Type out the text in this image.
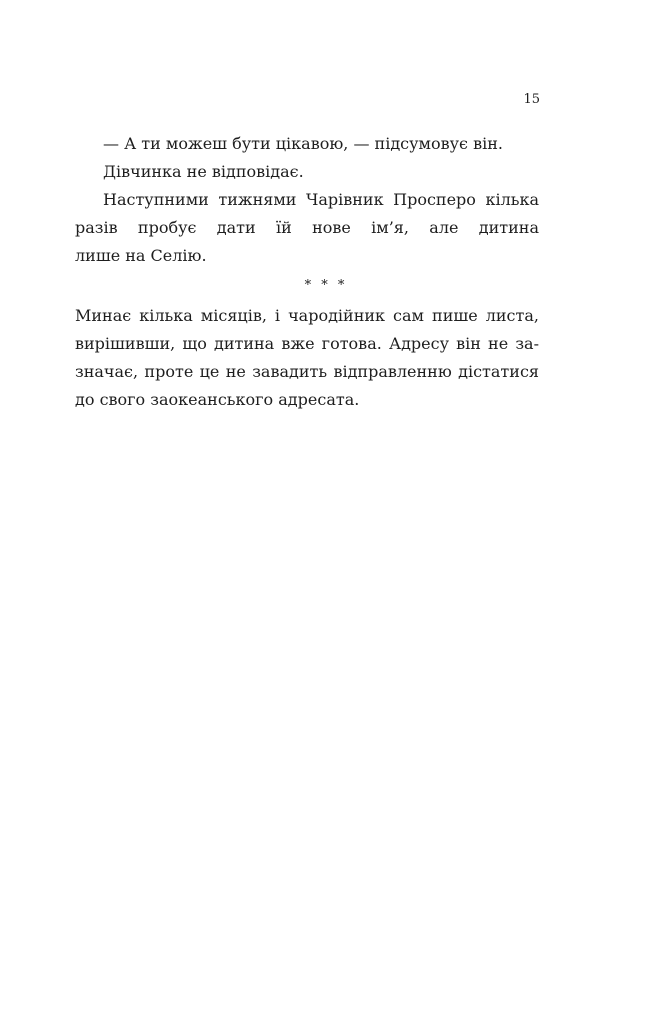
15
— А ти можеш бути цікавою, — підсумовує він.
Дівчинка не відповідає.
Наступними тижнями Чарівник Просперо кілька
разів пробує дати їй нове ім’я, але дитина
лише на Селію.
* * *
Минає кілька місяців, і чародійник сам пише листа,
вирішивши, що дитина вже готова. Адресу він не за-
значає, проте це не завадить відправленню дістатися
до свого заокеанського адресата.
